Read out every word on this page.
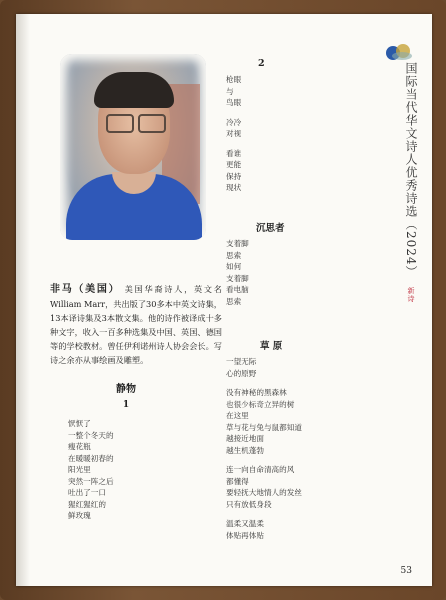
非马（美国） 美国华裔诗人，英文名William Marr，共出版了30多本中英文诗集，13本译诗集及3本散文集。他的诗作被译成十多种文字，收入一百多种选集及中国、英国、德国等的学校教材。曾任伊利诺州诗人协会会长。写诗之余亦从事绘画及雕塑。
静物
1
恹恹了
一整个冬天的
瘦花瓶
在暖暖初春的
阳光里
突然一阵之后
吐出了一口
猩红猩红的
鲜玫瑰
2
枪眼
与
鸟眼
冷冷
对视
看谁
更能
保持
现状
沉思者
支着脚
思索
如何
支着脚
看电脑
思索
草 原
一望无际
心的原野
没有神秘的黑森林
也很少标奇立异的树
在这里
草与花与兔与鼠都知道
越接近地面
越生机蓬勃
连一向自命清高的风
都懂得
要轻抚大地情人的发丝
只有放低身段
温柔又温柔
体贴再体贴
国际当代华文诗人优秀诗选（2024） 新诗
53
